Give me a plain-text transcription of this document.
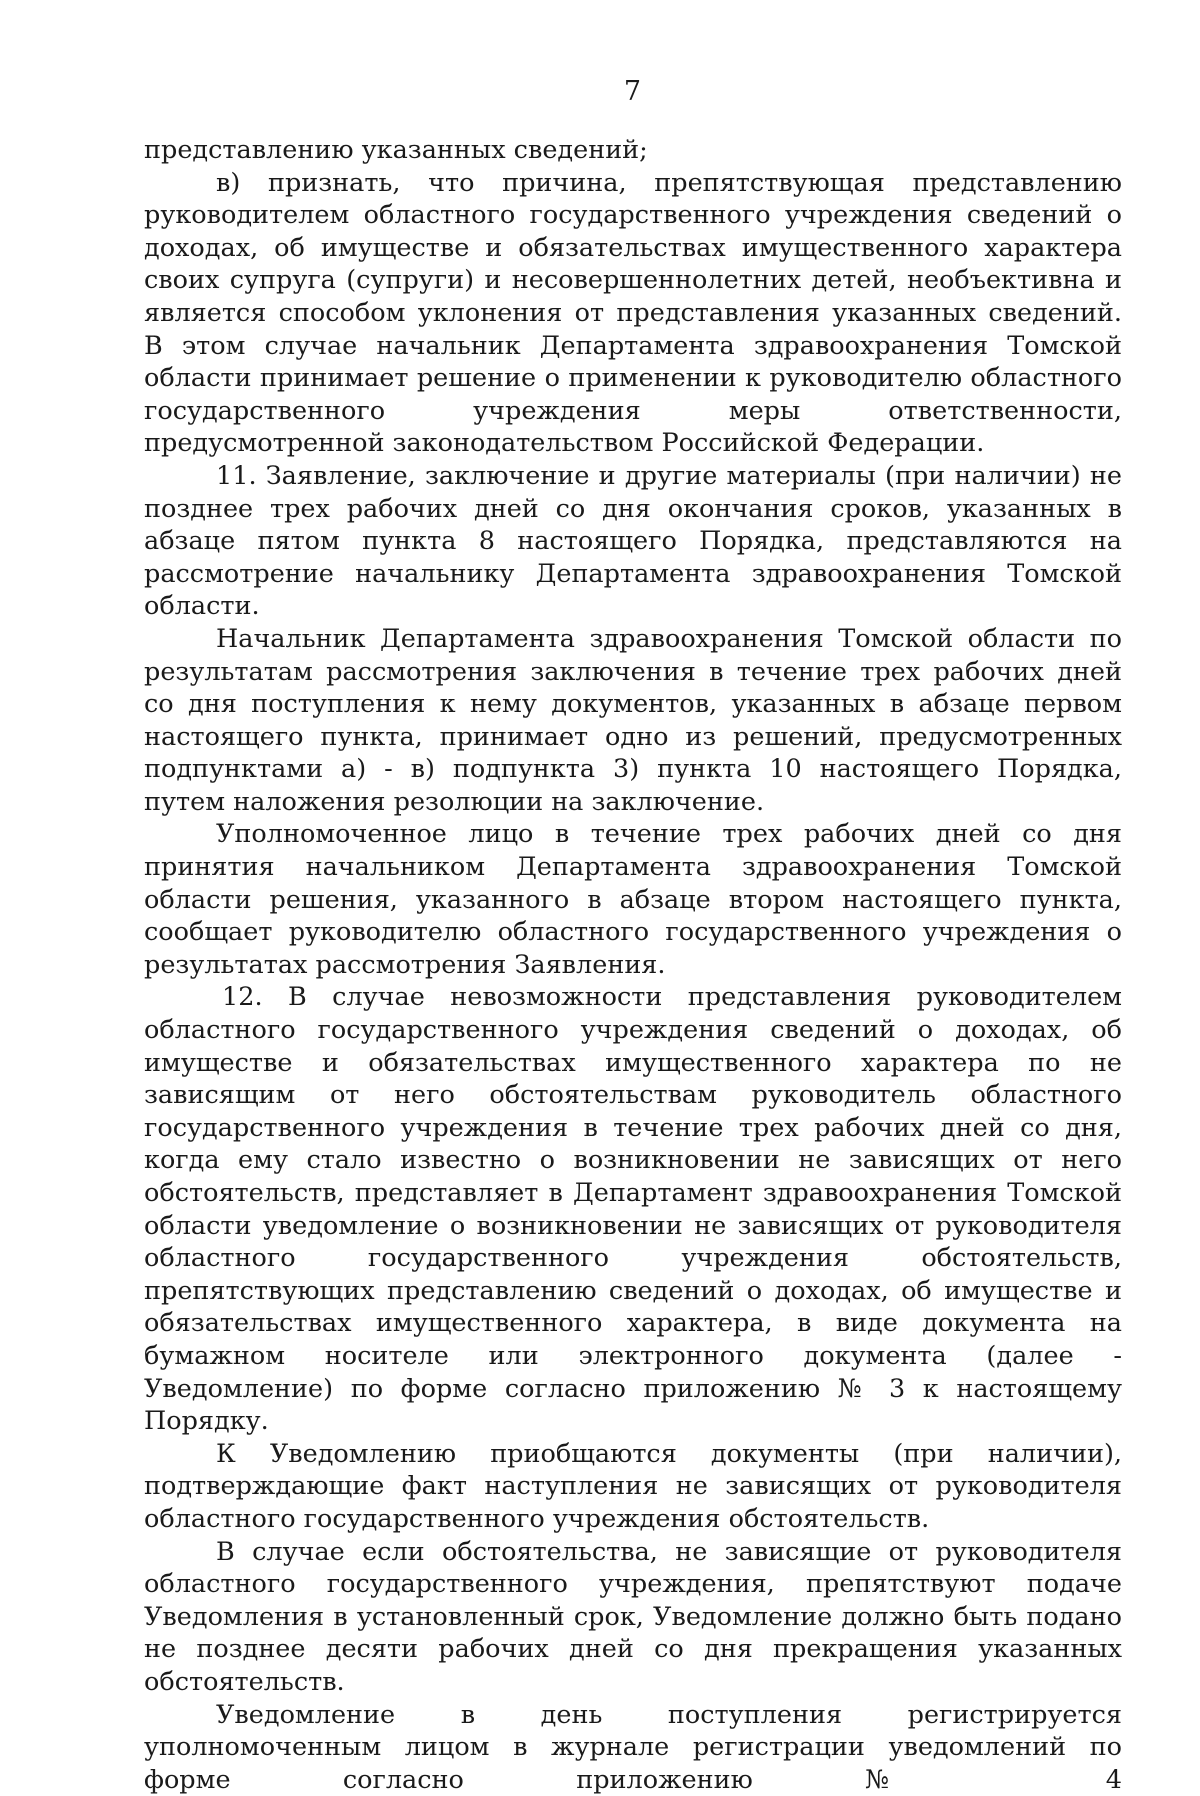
7

представлению указанных сведений;

в) признать, что причина, препятствующая представлению руководителем областного государственного учреждения сведений о доходах, об имуществе и обязательствах имущественного характера своих супруга (супруги) и несовершеннолетних детей, необъективна и является способом уклонения от представления указанных сведений. В этом случае начальник Департамента здравоохранения Томской области принимает решение о применении к руководителю областного государственного учреждения меры ответственности, предусмотренной законодательством Российской Федерации.

11. Заявление, заключение и другие материалы (при наличии) не позднее трех рабочих дней со дня окончания сроков, указанных в абзаце пятом пункта 8 настоящего Порядка, представляются на рассмотрение начальнику Департамента здравоохранения Томской области.

Начальник Департамента здравоохранения Томской области по результатам рассмотрения заключения в течение трех рабочих дней со дня поступления к нему документов, указанных в абзаце первом настоящего пункта, принимает одно из решений, предусмотренных подпунктами а) - в) подпункта 3) пункта 10 настоящего Порядка, путем наложения резолюции на заключение.

Уполномоченное лицо в течение трех рабочих дней со дня принятия начальником Департамента здравоохранения Томской области решения, указанного в абзаце втором настоящего пункта, сообщает руководителю областного государственного учреждения о результатах рассмотрения Заявления.

12. В случае невозможности представления руководителем областного государственного учреждения сведений о доходах, об имуществе и обязательствах имущественного характера по не зависящим от него обстоятельствам руководитель областного государственного учреждения в течение трех рабочих дней со дня, когда ему стало известно о возникновении не зависящих от него обстоятельств, представляет в Департамент здравоохранения Томской области уведомление о возникновении не зависящих от руководителя областного государственного учреждения обстоятельств, препятствующих представлению сведений о доходах, об имуществе и обязательствах имущественного характера, в виде документа на бумажном носителе или электронного документа (далее - Уведомление) по форме согласно приложению № 3 к настоящему Порядку.

К Уведомлению приобщаются документы (при наличии), подтверждающие факт наступления не зависящих от руководителя областного государственного учреждения обстоятельств.

В случае если обстоятельства, не зависящие от руководителя областного государственного учреждения, препятствуют подаче Уведомления в установленный срок, Уведомление должно быть подано не позднее десяти рабочих дней со дня прекращения указанных обстоятельств.

Уведомление в день поступления регистрируется уполномоченным лицом в журнале регистрации уведомлений по форме согласно приложению № 4
